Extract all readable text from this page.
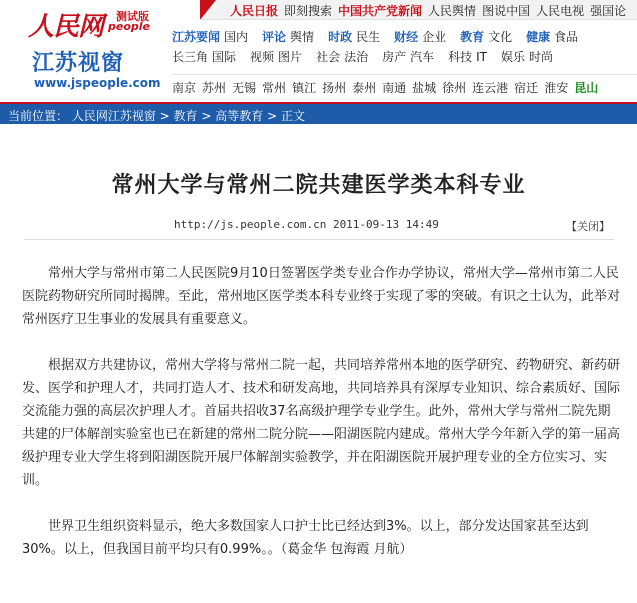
人民网 测试版
people
江苏视窗
www.jspeople.com
人民日报 即刻搜索 中国共产党新闻 人民舆情 图说中国 人民电视 强国论
江苏要闻 国内 评论 舆情 时政 民生 财经 企业 教育 文化 健康 食品
长三角 国际 视频 图片 社会 法治 房产 汽车 科技 IT 娱乐 时尚
南京 苏州 无锡 常州 镇江 扬州 泰州 南通 盐城 徐州 连云港 宿迁 淮安 昆山
当前位置： 人民网江苏视窗 > 教育 > 高等教育 > 正文
常州大学与常州二院共建医学类本科专业
http://js.people.com.cn 2011-09-13 14:49	【关闭】

常州大学与常州市第二人民医院9月10日签署医学类专业合作办学协议，常州大学—常州市第二人民医院药物研究所同时揭牌。至此，常州地区医学类本科专业终于实现了零的突破。有识之士认为，此举对常州医疗卫生事业的发展具有重要意义。

根据双方共建协议，常州大学将与常州二院一起，共同培养常州本地的医学研究、药物研究、新药研发、医学和护理人才，共同打造人才、技术和研发高地，共同培养具有深厚专业知识、综合素质好、国际交流能力强的高层次护理人才。首届共招收37名高级护理学专业学生。此外，常州大学与常州二院先期共建的尸体解剖实验室也已在新建的常州二院分院——阳湖医院内建成。常州大学今年新入学的第一届高级护理专业大学生将到阳湖医院开展尸体解剖实验教学，并在阳湖医院开展护理专业的全方位实习、实训。

世界卫生组织资料显示，绝大多数国家人口护士比已经达到3%。以上，部分发达国家甚至达到30%。以上，但我国目前平均只有0.99%。。（葛金华 包海霞 月航）
